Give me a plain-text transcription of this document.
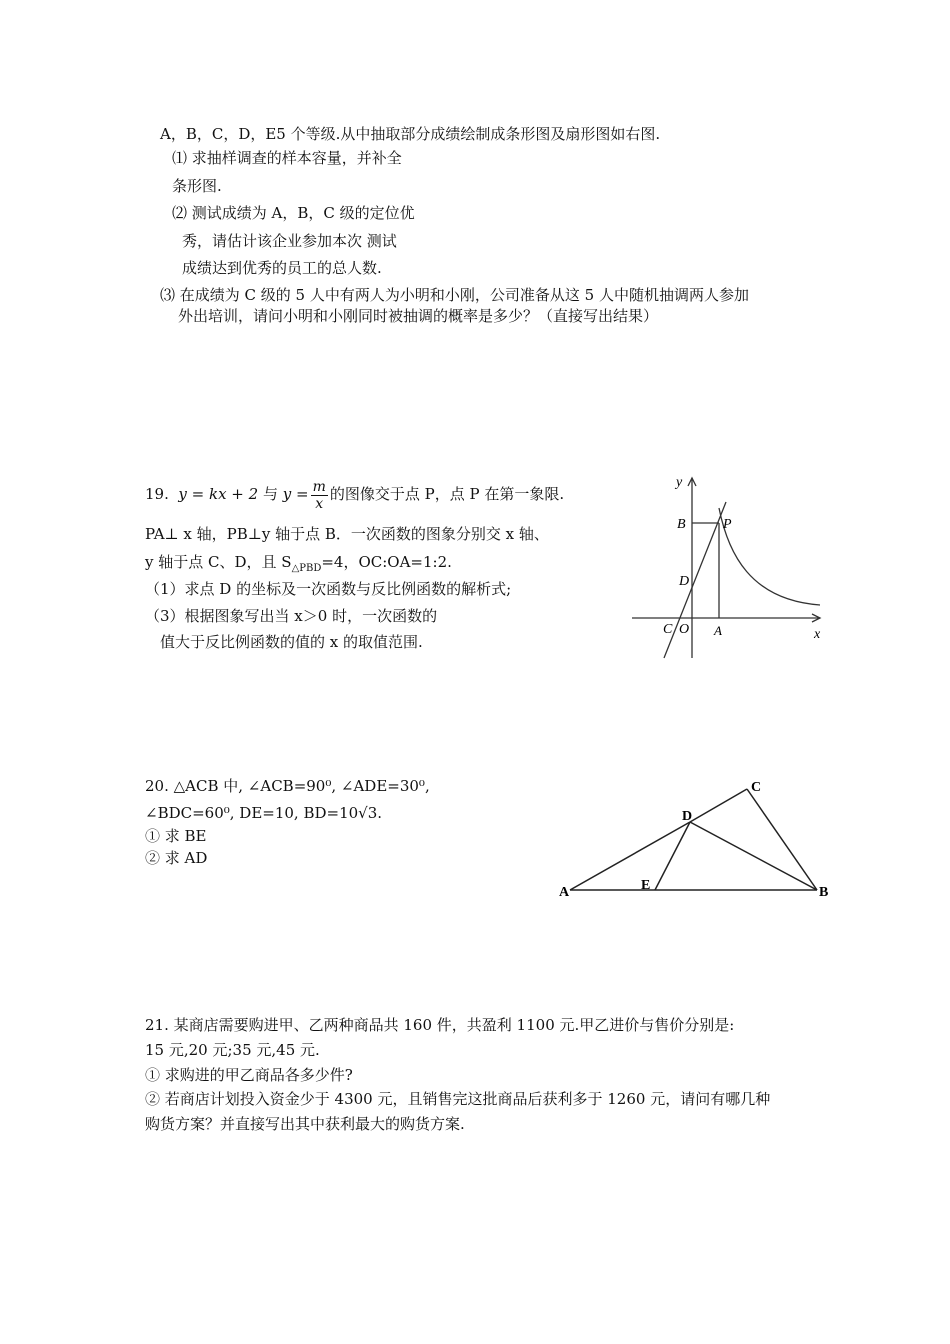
A，B，C，D，E5 个等级.从中抽取部分成绩绘制成条形图及扇形图如右图.
⑴ 求抽样调查的样本容量，并补全
条形图.
⑵ 测试成绩为 A，B，C 级的定位优
秀，请估计该企业参加本次 测试
成绩达到优秀的员工的总人数.
⑶ 在成绩为 C 级的 5 人中有两人为小明和小刚，公司准备从这 5 人中随机抽调两人参加
外出培训，请问小明和小刚同时被抽调的概率是多少？（直接写出结果）
19. y = kx + 2 与 $y = \frac{m}{x}$ 的图像交于点 P，点 P 在第一象限.
PA⊥ x 轴，PB⊥y 轴于点 B．一次函数的图象分别交 x 轴、
y 轴于点 C、D，且 $S_{\triangle PBD}=4$，OC:OA=1:2.
（1）求点 D 的坐标及一次函数与反比例函数的解析式;
（3）根据图象写出当 x＞0 时，一次函数的
值大于反比例函数的值的 x 的取值范围.
y
x
B	P
D
C O A
20. △ACB 中, ∠ACB=90⁰, ∠ADE=30⁰,
∠BDC=60⁰, DE=10, BD=10√3.
① 求 BE
② 求 AD
A	B
C
D
E
21. 某商店需要购进甲、乙两种商品共 160 件，共盈利 1100 元.甲乙进价与售价分别是:
15 元,20 元;35 元,45 元.
① 求购进的甲乙商品各多少件?
② 若商店计划投入资金少于 4300 元，且销售完这批商品后获利多于 1260 元，请问有哪几种
购货方案？并直接写出其中获利最大的购货方案.
